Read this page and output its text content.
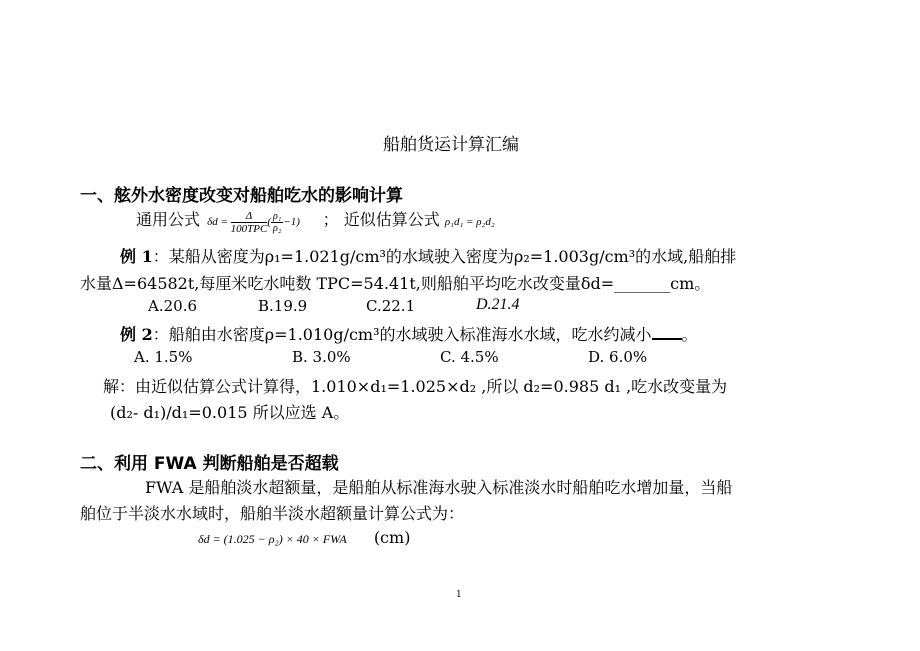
船舶货运计算汇编
一、舷外水密度改变对船舶吃水的影响计算
通用公式 $\delta d = \frac{\Delta}{\text{100TPC}}$ ( $\frac{\text{ρ₁}}{\text{ρ₂}} -1$) ； 近似估算公式 ρ₁d₁ = ρ₂d₂
例 1：某船从密度为ρ₁=1.021g/cm³的水域驶入密度为ρ₂=1.003g/cm³的水域,船舶排
水量Δ=64582t,每厘米吃水吨数 TPC=54.41t,则船舶平均吃水改变量δd=_______cm。
A.20.6	B.19.9	C.22.1	D.21.4
例 2：船舶由水密度ρ=1.010g/cm³的水域驶入标准海水水域，吃水约减小 。
A. 1.5%	B. 3.0%	C. 4.5%	D. 6.0%
解：由近似估算公式计算得，1.010×d₁=1.025×d₂ ,所以 d₂=0.985 d₁ ,吃水改变量为
(d₂- d₁)/d₁=0.015 所以应选 A。
二、利用 FWA 判断船舶是否超载
FWA 是船舶淡水超额量，是船舶从标准海水驶入标准淡水时船舶吃水增加量，当船
舶位于半淡水水域时，船舶半淡水超额量计算公式为：
δd = (1.025 − ρ₂) × 40 × FWA (cm)
1
